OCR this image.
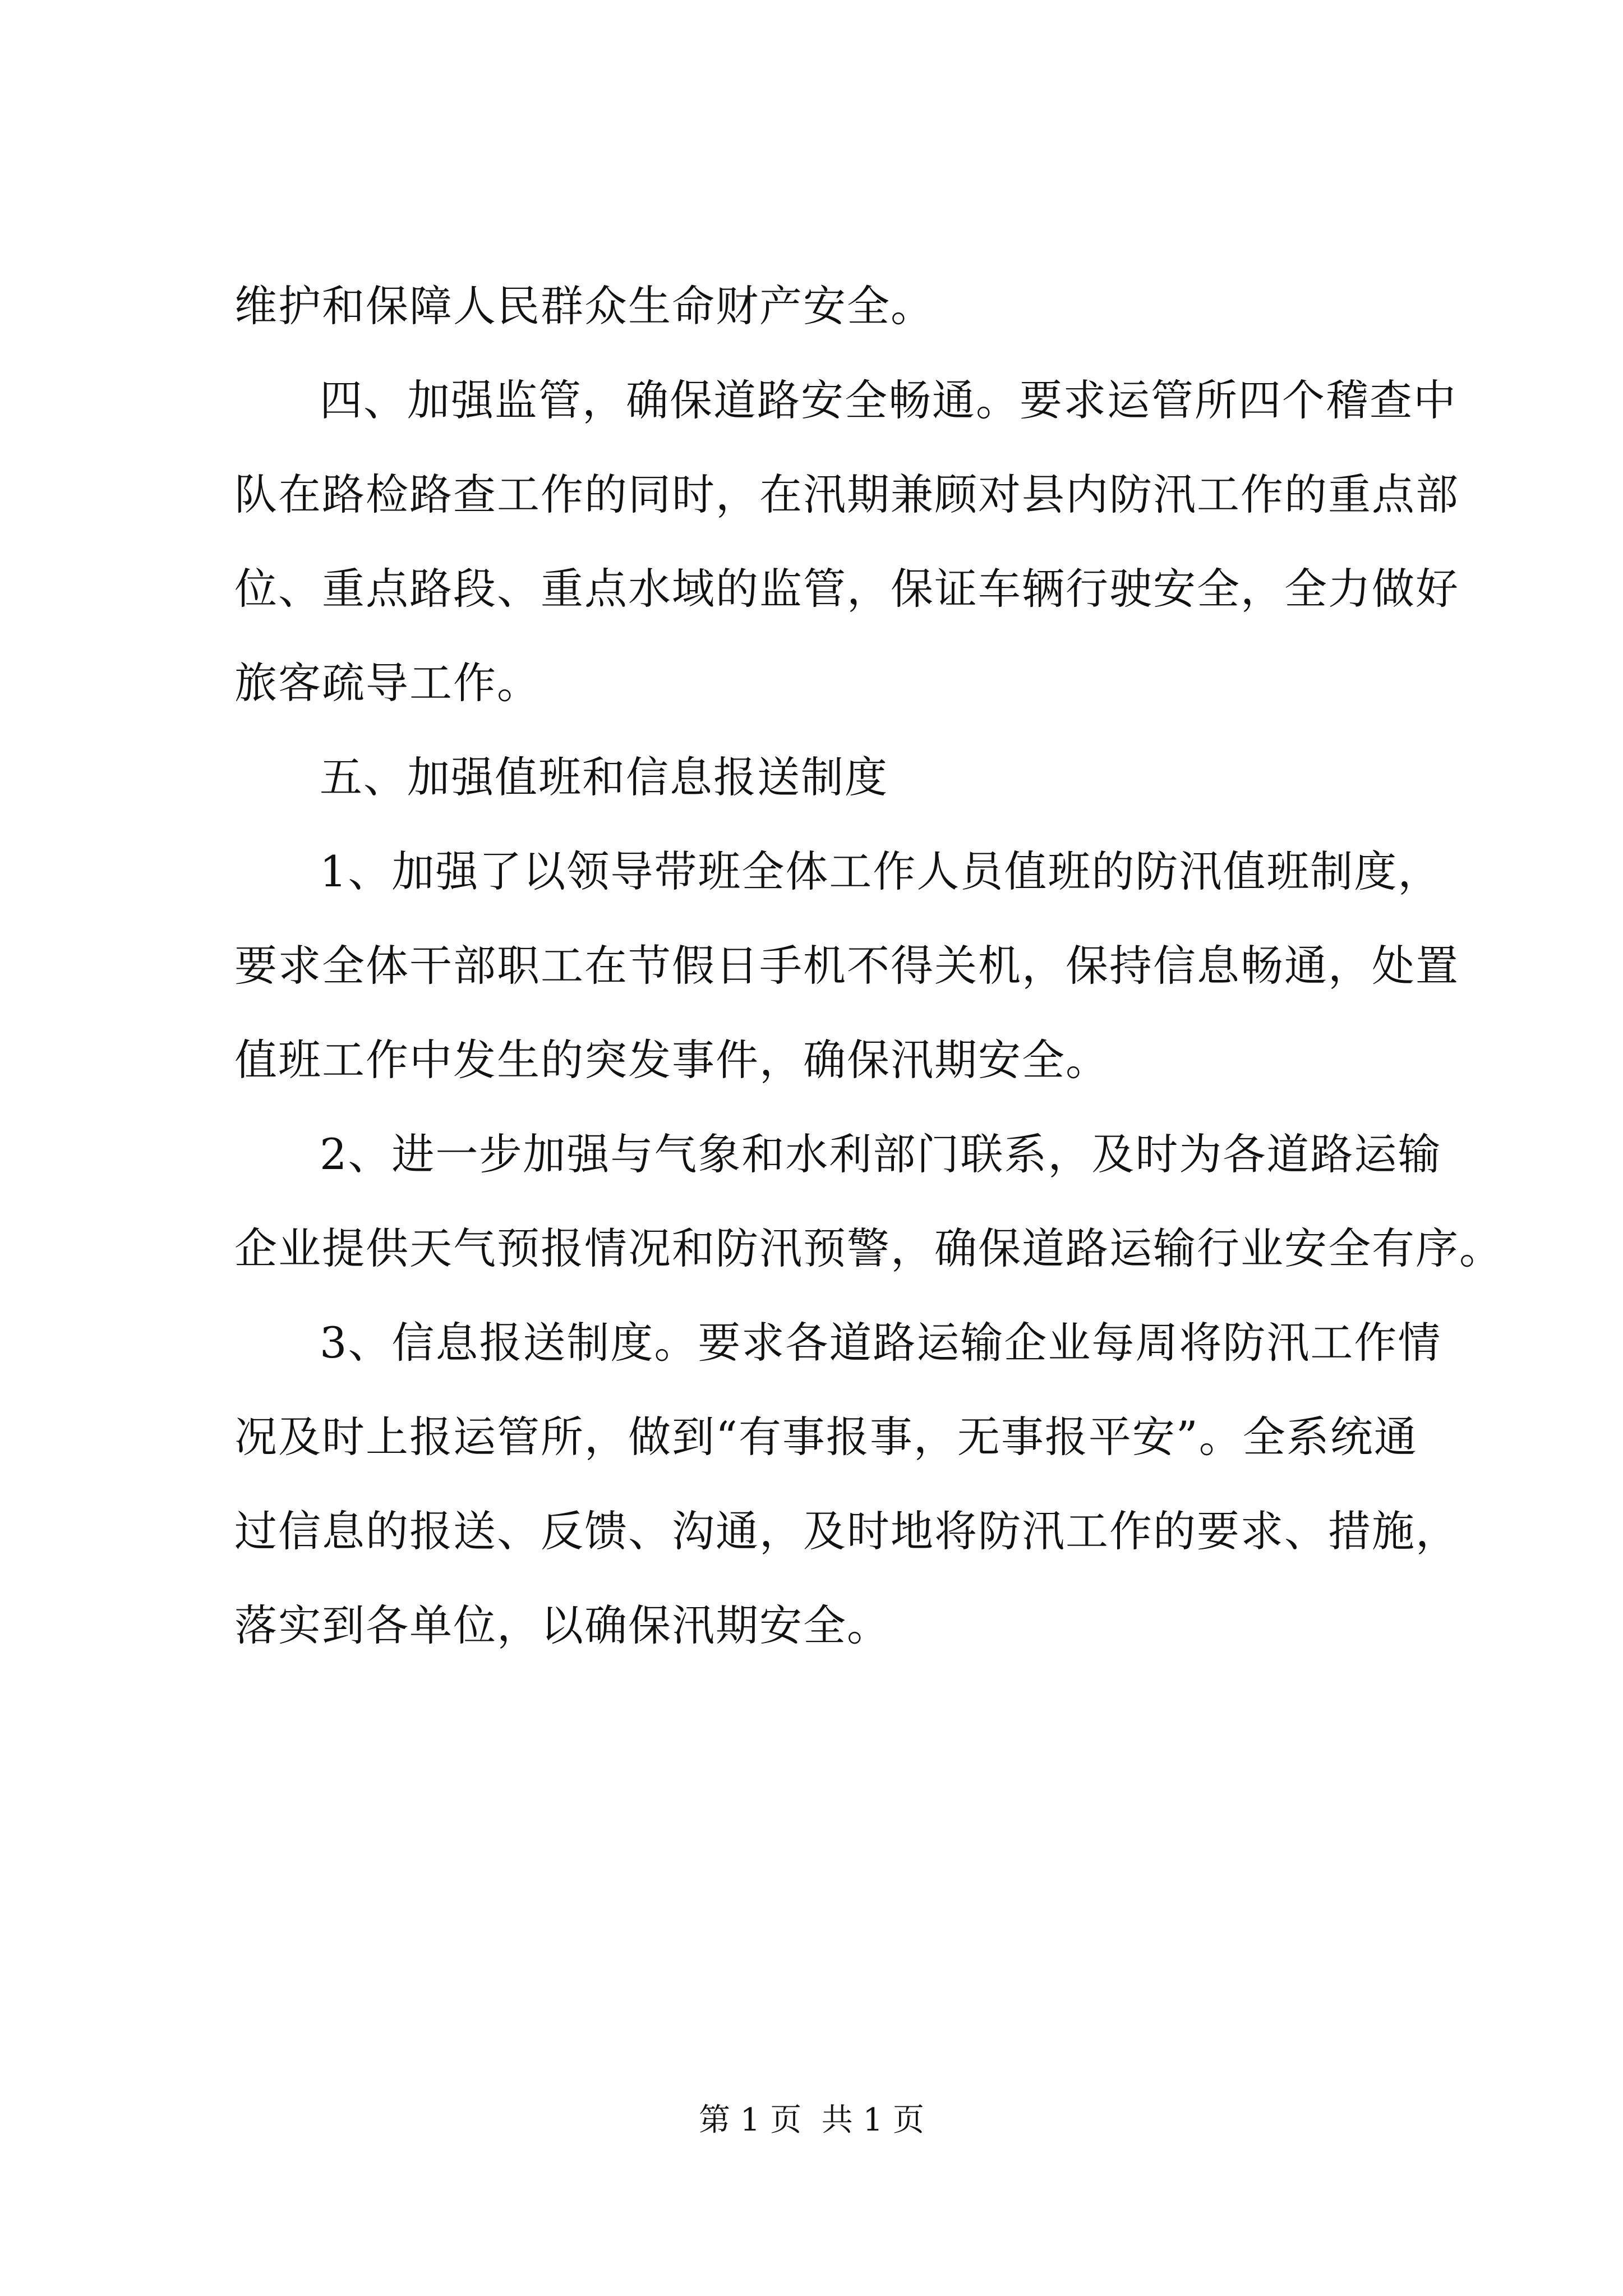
维护和保障人民群众生命财产安全。
四、加强监管，确保道路安全畅通。要求运管所四个稽查中
队在路检路查工作的同时，在汛期兼顾对县内防汛工作的重点部
位、重点路段、重点水域的监管，保证车辆行驶安全，全力做好
旅客疏导工作。
五、加强值班和信息报送制度
1、加强了以领导带班全体工作人员值班的防汛值班制度，
要求全体干部职工在节假日手机不得关机，保持信息畅通，处置
值班工作中发生的突发事件，确保汛期安全。
2、进一步加强与气象和水利部门联系，及时为各道路运输
企业提供天气预报情况和防汛预警，确保道路运输行业安全有序。
3、信息报送制度。要求各道路运输企业每周将防汛工作情
况及时上报运管所，做到“有事报事，无事报平安”。全系统通
过信息的报送、反馈、沟通，及时地将防汛工作的要求、措施，
落实到各单位，以确保汛期安全。
第 1 页  共 1 页
